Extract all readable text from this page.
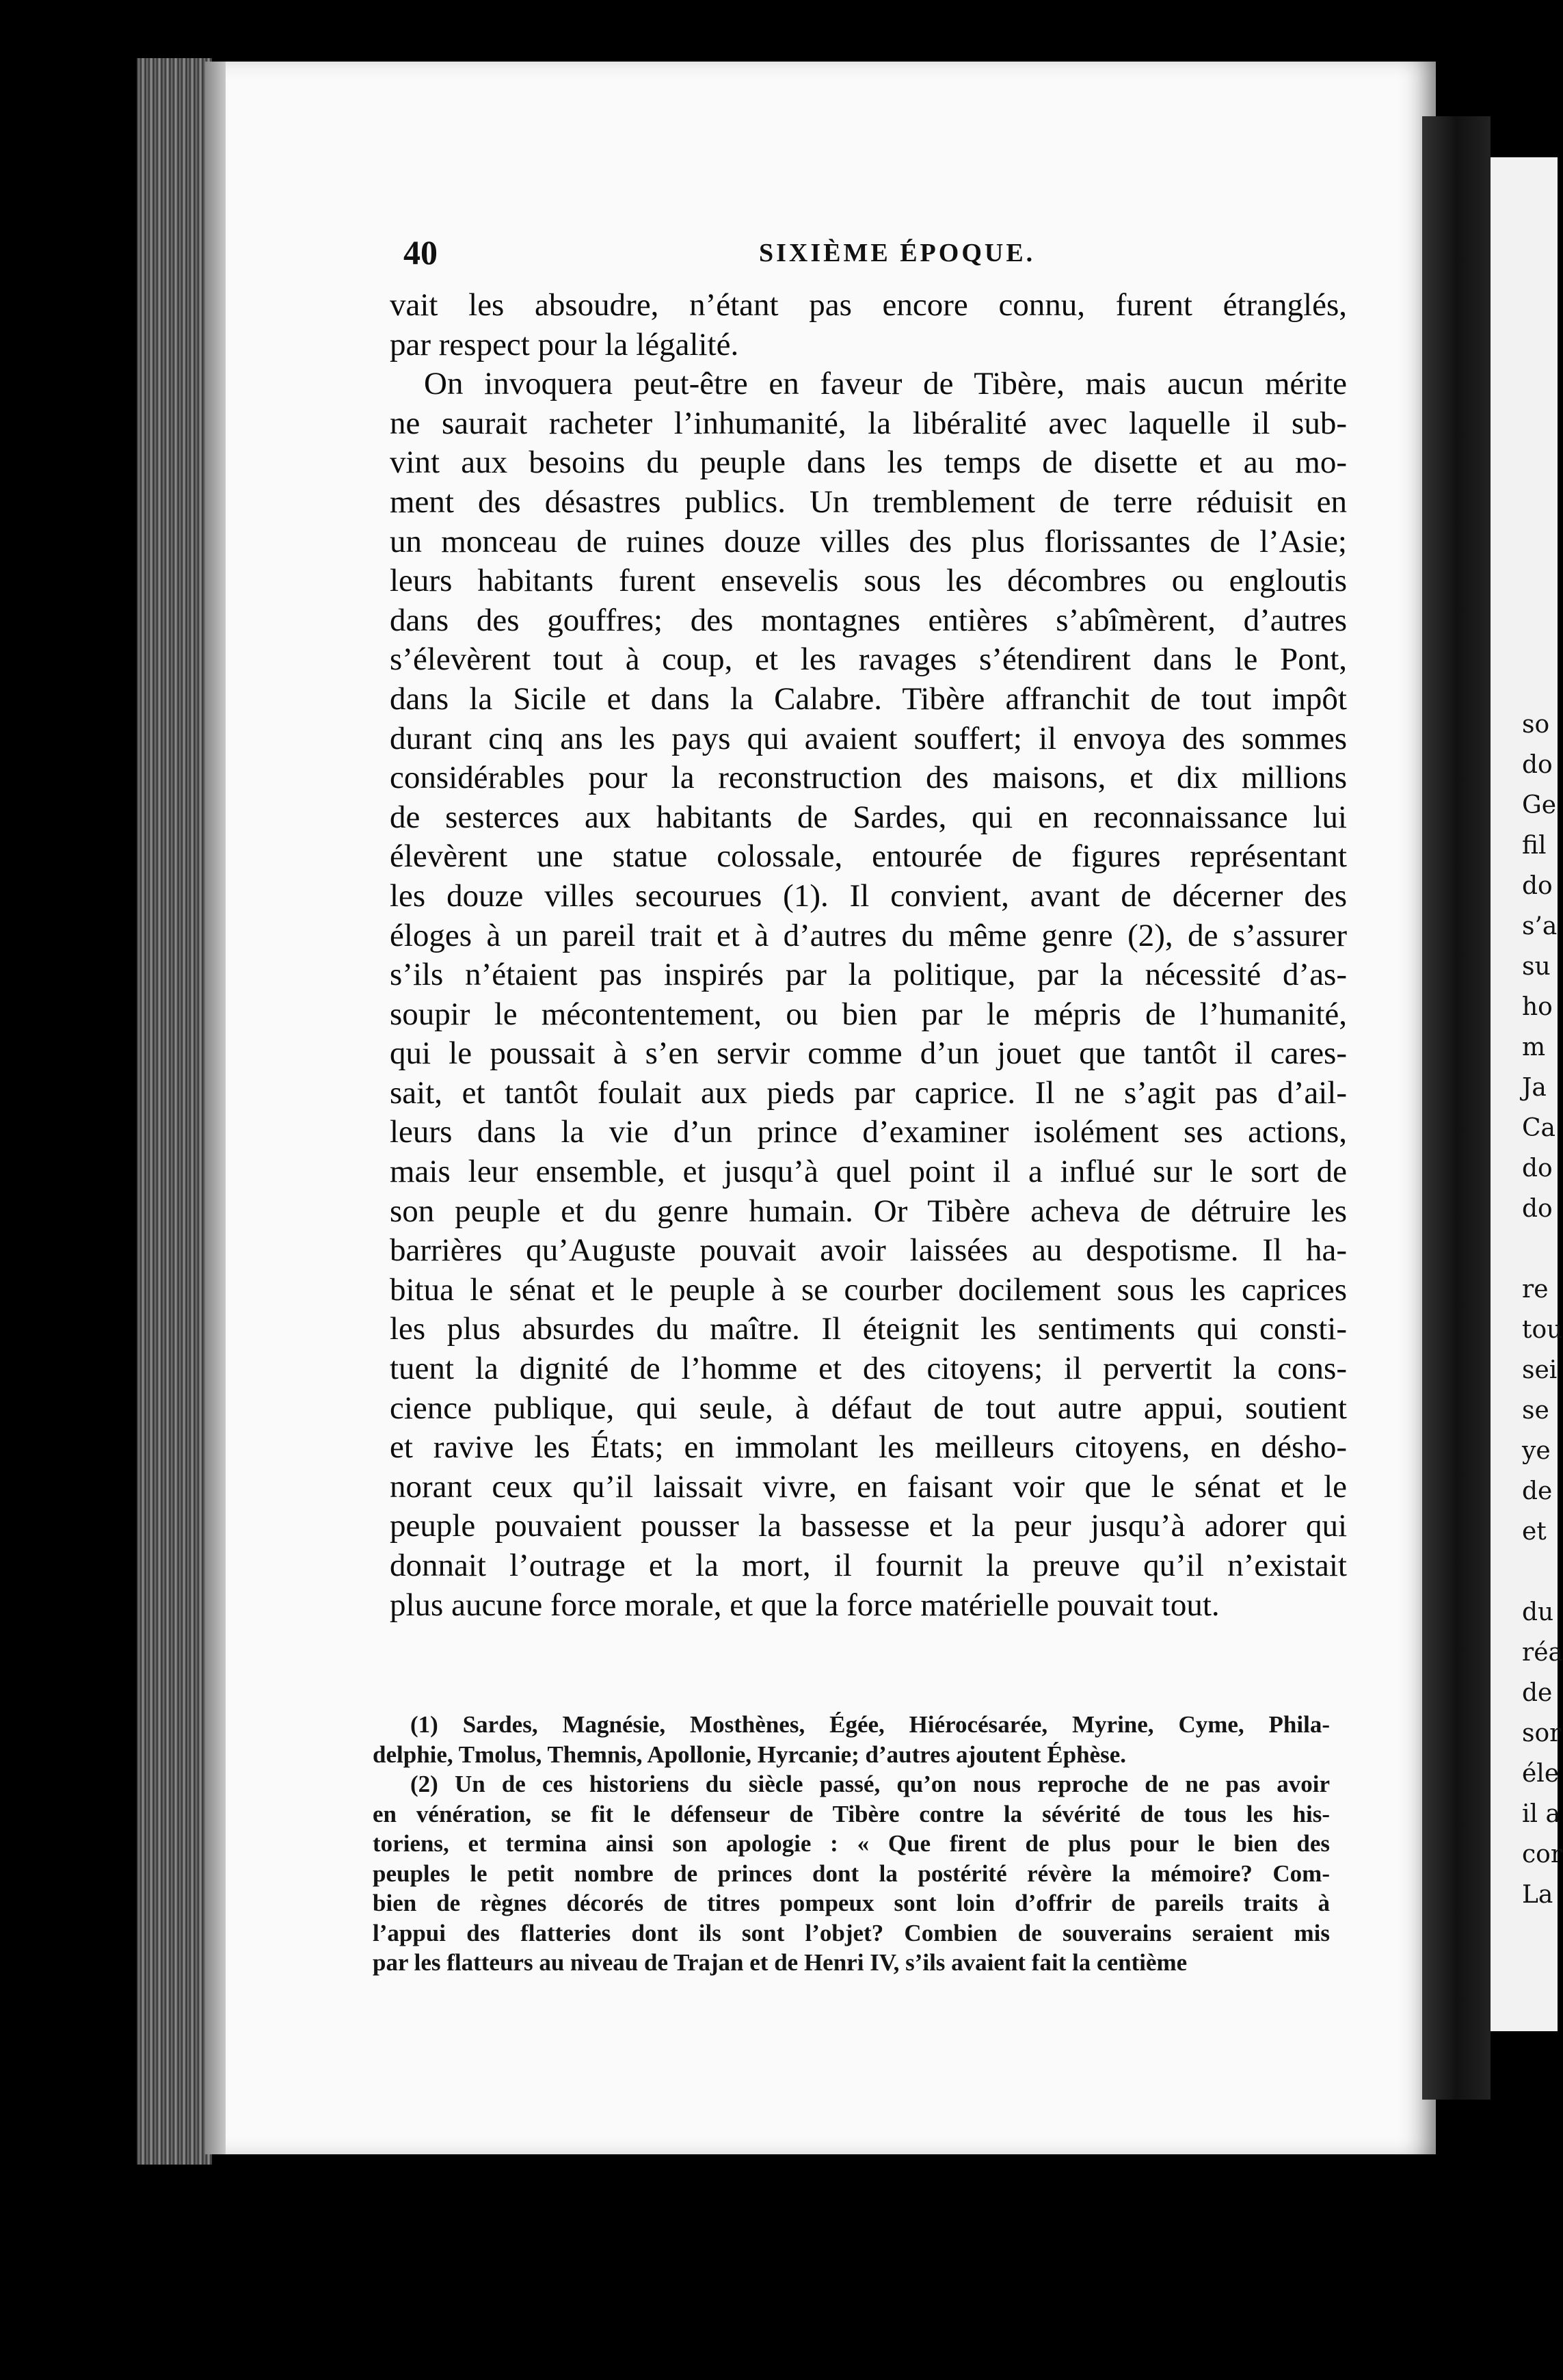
40	SIXIÈME ÉPOQUE.
vait les absoudre, n’étant pas encore connu, furent étranglés,
par respect pour la légalité.
On invoquera peut-être en faveur de Tibère, mais aucun mérite
ne saurait racheter l’inhumanité, la libéralité avec laquelle il sub-
vint aux besoins du peuple dans les temps de disette et au mo-
ment des désastres publics. Un tremblement de terre réduisit en
un monceau de ruines douze villes des plus florissantes de l’Asie;
leurs habitants furent ensevelis sous les décombres ou engloutis
dans des gouffres; des montagnes entières s’abîmèrent, d’autres
s’élevèrent tout à coup, et les ravages s’étendirent dans le Pont,
dans la Sicile et dans la Calabre. Tibère affranchit de tout impôt
durant cinq ans les pays qui avaient souffert; il envoya des sommes
considérables pour la reconstruction des maisons, et dix millions
de sesterces aux habitants de Sardes, qui en reconnaissance lui
élevèrent une statue colossale, entourée de figures représentant
les douze villes secourues (1). Il convient, avant de décerner des
éloges à un pareil trait et à d’autres du même genre (2), de s’assurer
s’ils n’étaient pas inspirés par la politique, par la nécessité d’as-
soupir le mécontentement, ou bien par le mépris de l’humanité,
qui le poussait à s’en servir comme d’un jouet que tantôt il cares-
sait, et tantôt foulait aux pieds par caprice. Il ne s’agit pas d’ail-
leurs dans la vie d’un prince d’examiner isolément ses actions,
mais leur ensemble, et jusqu’à quel point il a influé sur le sort de
son peuple et du genre humain. Or Tibère acheva de détruire les
barrières qu’Auguste pouvait avoir laissées au despotisme. Il ha-
bitua le sénat et le peuple à se courber docilement sous les caprices
les plus absurdes du maître. Il éteignit les sentiments qui consti-
tuent la dignité de l’homme et des citoyens; il pervertit la cons-
cience publique, qui seule, à défaut de tout autre appui, soutient
et ravive les États; en immolant les meilleurs citoyens, en désho-
norant ceux qu’il laissait vivre, en faisant voir que le sénat et le
peuple pouvaient pousser la bassesse et la peur jusqu’à adorer qui
donnait l’outrage et la mort, il fournit la preuve qu’il n’existait
plus aucune force morale, et que la force matérielle pouvait tout.
(1) Sardes, Magnésie, Mosthènes, Égée, Hiérocésarée, Myrine, Cyme, Phila-
delphie, Tmolus, Themnis, Apollonie, Hyrcanie; d’autres ajoutent Éphèse.
(2) Un de ces historiens du siècle passé, qu’on nous reproche de ne pas avoir
en vénération, se fit le défenseur de Tibère contre la sévérité de tous les his-
toriens, et termina ainsi son apologie : « Que firent de plus pour le bien des
peuples le petit nombre de princes dont la postérité révère la mémoire? Com-
bien de règnes décorés de titres pompeux sont loin d’offrir de pareils traits à
l’appui des flatteries dont ils sont l’objet? Combien de souverains seraient mis
par les flatteurs au niveau de Trajan et de Henri IV, s’ils avaient fait la centième
so
do
Ge
fil
do
s’a
su
ho
m
Ja
Ca
do
do
re
tou
sei
se
ye
de
et
du
réa
de
sor
éle
il a
cor
La
